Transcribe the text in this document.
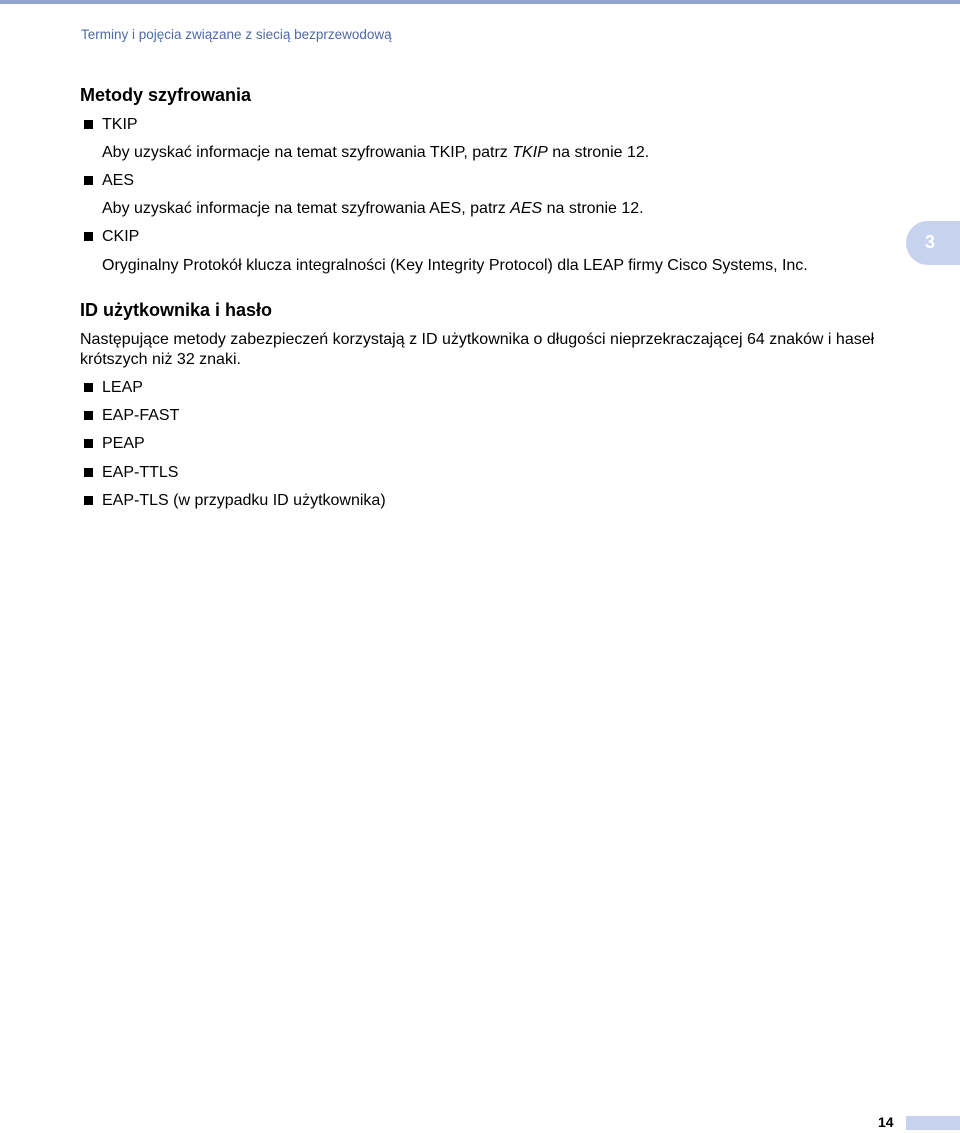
Terminy i pojęcia związane z siecią bezprzewodową
Metody szyfrowania
TKIP
Aby uzyskać informacje na temat szyfrowania TKIP, patrz TKIP na stronie 12.
AES
Aby uzyskać informacje na temat szyfrowania AES, patrz AES na stronie 12.
CKIP
Oryginalny Protokół klucza integralności (Key Integrity Protocol) dla LEAP firmy Cisco Systems, Inc.
ID użytkownika i hasło
Następujące metody zabezpieczeń korzystają z ID użytkownika o długości nieprzekraczającej 64 znaków i haseł krótszych niż 32 znaki.
LEAP
EAP-FAST
PEAP
EAP-TTLS
EAP-TLS (w przypadku ID użytkownika)
3
14
